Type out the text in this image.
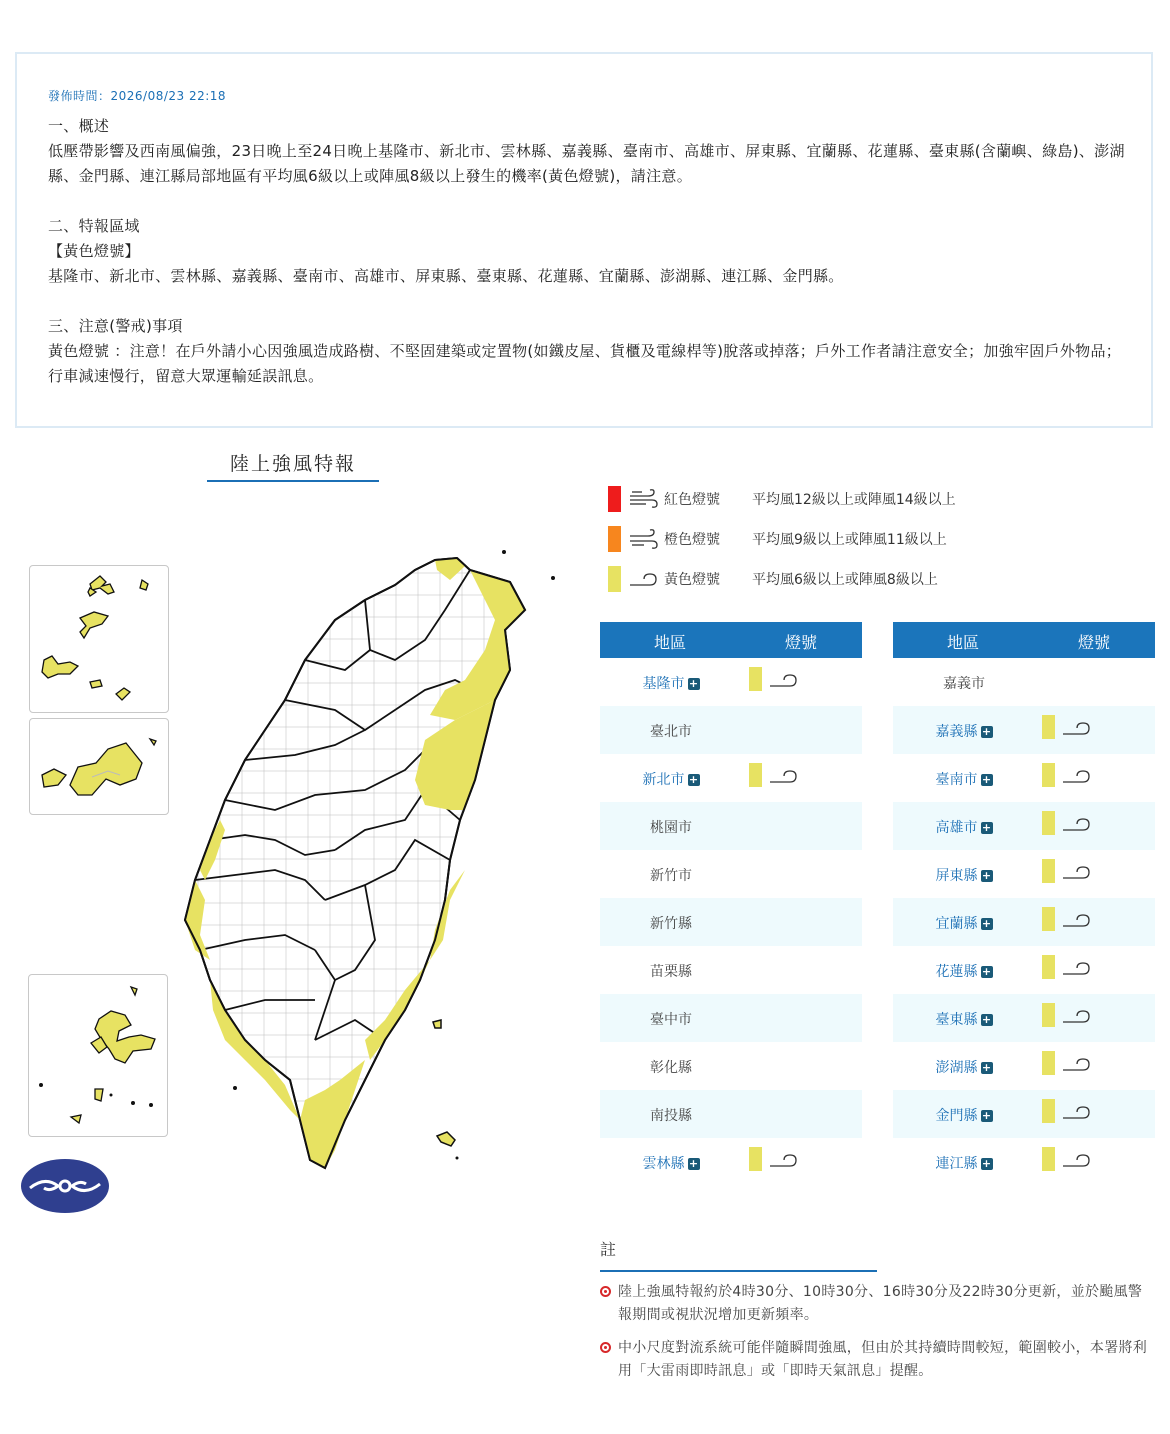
發佈時間：2026/08/23 22:18

一、概述

低壓帶影響及西南風偏強，23日晚上至24日晚上基隆市、新北市、雲林縣、嘉義縣、臺南市、高雄市、屏東縣、宜蘭縣、花蓮縣、臺東縣(含蘭嶼、綠島)、澎湖縣、金門縣、連江縣局部地區有平均風6級以上或陣風8級以上發生的機率(黃色燈號)，請注意。

二、特報區域

【黃色燈號】

基隆市、新北市、雲林縣、嘉義縣、臺南市、高雄市、屏東縣、臺東縣、花蓮縣、宜蘭縣、澎湖縣、連江縣、金門縣。

三、注意(警戒)事項

黃色燈號 ：注意！在戶外請小心因強風造成路樹、不堅固建築或定置物(如鐵皮屋、貨櫃及電線桿等)脫落或掉落；戶外工作者請注意安全；加強牢固戶外物品；行車減速慢行，留意大眾運輸延誤訊息。

陸上強風特報
紅色燈號 平均風12級以上或陣風14級以上
橙色燈號 平均風9級以上或陣風11級以上
黃色燈號 平均風6級以上或陣風8級以上
地區	燈號
基隆市 +
臺北市
新北市 +
桃園市
新竹市
新竹縣
苗栗縣
臺中市
彰化縣
南投縣
雲林縣 +
地區	燈號
嘉義市
嘉義縣 +
臺南市 +
高雄市 +
屏東縣 +
宜蘭縣 +
花蓮縣 +
臺東縣 +
澎湖縣 +
金門縣 +
連江縣 +
註
陸上強風特報約於4時30分、10時30分、16時30分及22時30分更新，並於颱風警報期間或視狀況增加更新頻率。
中小尺度對流系統可能伴隨瞬間強風，但由於其持續時間較短，範圍較小，本署將利用「大雷雨即時訊息」或「即時天氣訊息」提醒。
